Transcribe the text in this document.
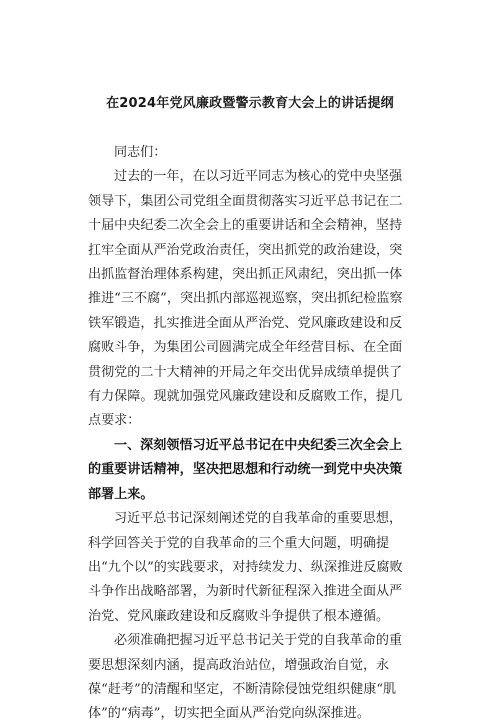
在2024年党风廉政暨警示教育大会上的讲话提纲

同志们：

过去的一年，在以习近平同志为核心的党中央坚强领导下，集团公司党组全面贯彻落实习近平总书记在二十届中央纪委二次全会上的重要讲话和全会精神，坚持扛牢全面从严治党政治责任，突出抓党的政治建设，突出抓监督治理体系构建，突出抓正风肃纪，突出抓一体推进“三不腐”，突出抓内部巡视巡察，突出抓纪检监察铁军锻造，扎实推进全面从严治党、党风廉政建设和反腐败斗争，为集团公司圆满完成全年经营目标、在全面贯彻党的二十大精神的开局之年交出优异成绩单提供了有力保障。现就加强党风廉政建设和反腐败工作，提几点要求：

一、深刻领悟习近平总书记在中央纪委三次全会上的重要讲话精神，坚决把思想和行动统一到党中央决策部署上来。

习近平总书记深刻阐述党的自我革命的重要思想，科学回答关于党的自我革命的三个重大问题，明确提出“九个以”的实践要求，对持续发力、纵深推进反腐败斗争作出战略部署，为新时代新征程深入推进全面从严治党、党风廉政建设和反腐败斗争提供了根本遵循。

必须准确把握习近平总书记关于党的自我革命的重要思想深刻内涵，提高政治站位，增强政治自觉，永葆“赶考”的清醒和坚定，不断清除侵蚀党组织健康“肌体”的“病毒”，切实把全面从严治党向纵深推进。
